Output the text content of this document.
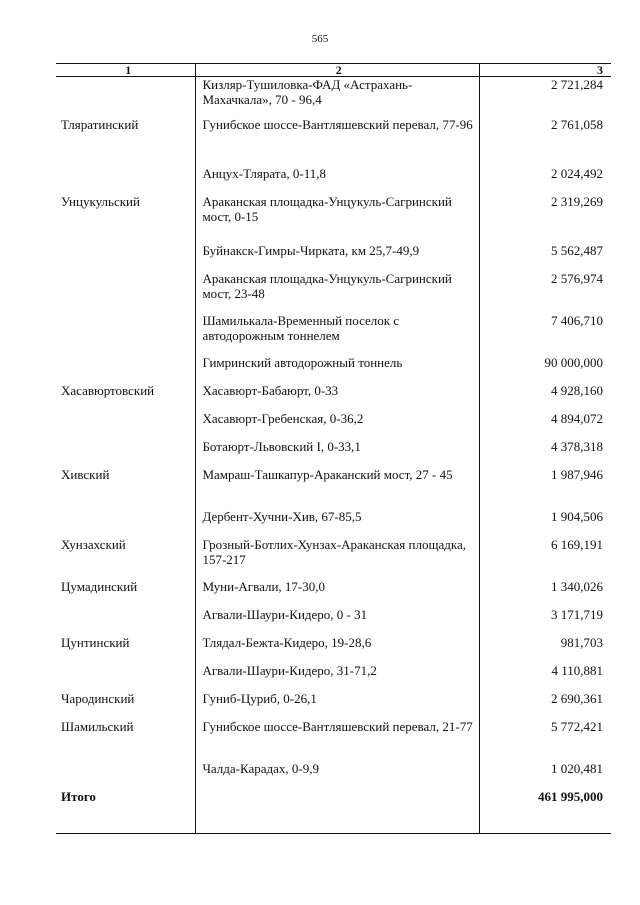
565
1	2	3
	Кизляр-Тушиловка-ФАД «Астрахань-Махачкала», 70 - 96,4	2 721,284
Тляратинский	Гунибское шоссе-Вантляшевский перевал, 77-96	2 761,058
	Анцух-Тлярата, 0-11,8	2 024,492
Унцукульский	Араканская площадка-Унцукуль-Сагринский мост, 0-15	2 319,269
	Буйнакск-Гимры-Чирката, км 25,7-49,9	5 562,487
	Араканская площадка-Унцукуль-Сагринский мост, 23-48	2 576,974
	Шамилькала-Временный поселок с автодорожным тоннелем	7 406,710
	Гимринский автодорожный тоннель	90 000,000
Хасавюртовский	Хасавюрт-Бабаюрт, 0-33	4 928,160
	Хасавюрт-Гребенская, 0-36,2	4 894,072
	Ботаюрт-Львовский I, 0-33,1	4 378,318
Хивский	Мамраш-Ташкапур-Араканский мост, 27 - 45	1 987,946
	Дербент-Хучни-Хив, 67-85,5	1 904,506
Хунзахский	Грозный-Ботлих-Хунзах-Араканская площадка, 157-217	6 169,191
Цумадинский	Муни-Агвали, 17-30,0	1 340,026
	Агвали-Шаури-Кидеро, 0 - 31	3 171,719
Цунтинский	Тлядал-Бежта-Кидеро, 19-28,6	981,703
	Агвали-Шаури-Кидеро, 31-71,2	4 110,881
Чародинский	Гуниб-Цуриб, 0-26,1	2 690,361
Шамильский	Гунибское шоссе-Вантляшевский перевал, 21-77	5 772,421
	Чалда-Карадах, 0-9,9	1 020,481
Итого		461 995,000
